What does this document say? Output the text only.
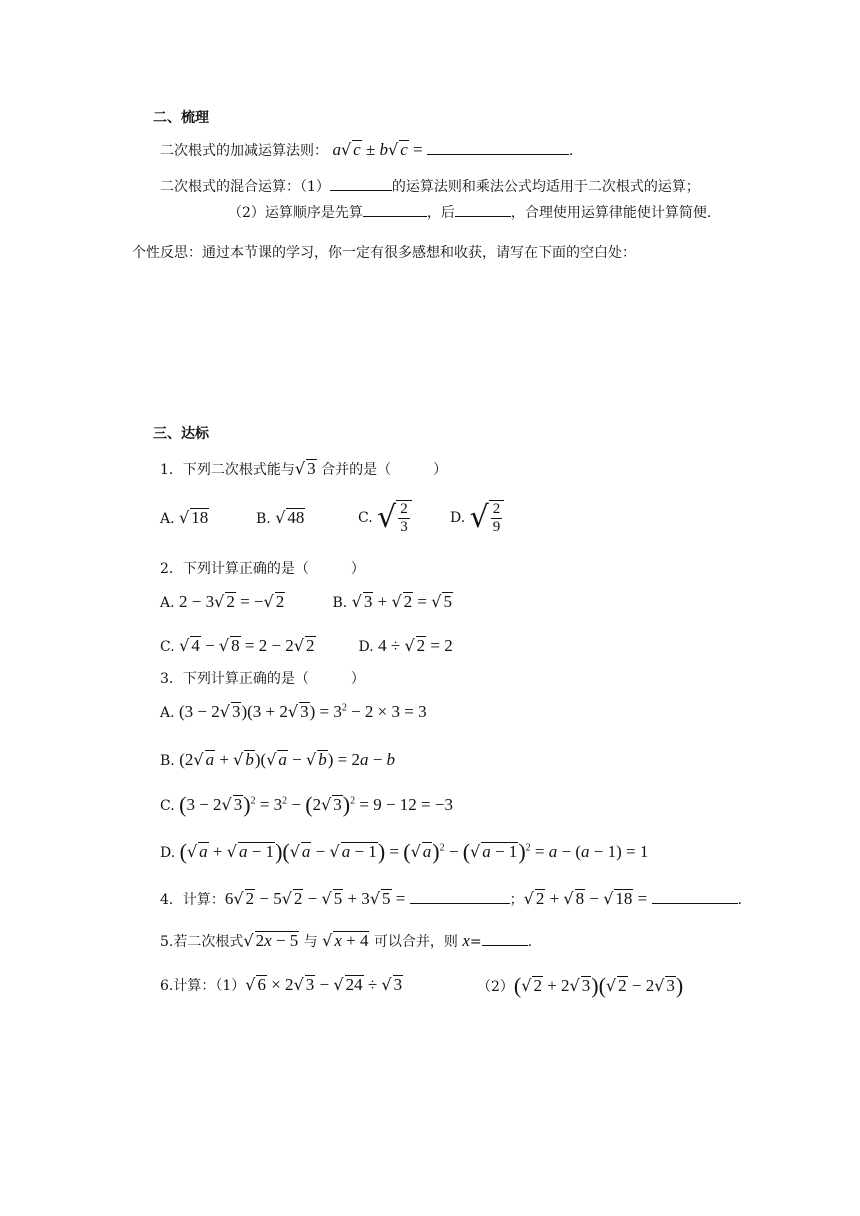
二、梳理
二次根式的加减运算法则： a√ c ± b√ c =	.
二次根式的混合运算：（1）	的运算法则和乘法公式均适用于二次根式的运算；
（2）运算顺序是先算	，后	，合理使用运算律能使计算简便.
个性反思：通过本节课的学习，你一定有很多感想和收获，请写在下面的空白处：
三、达标
1．下列二次根式能与√ 3 合并的是（　　　）
A. √ 18	B. √ 48	C. √ $\frac{2}{3}$	D. √ $\frac{2}{9}$
2．下列计算正确的是（　　　）
A. 2 − 3√ 2 = −√ 2	B. √ 3 + √ 2 = √ 5
C. √ 4 − √ 8 = 2 − 2√ 2	D. 4 ÷ √ 2 = 2
3．下列计算正确的是（　　　）
A. (3 − 2√ 3)(3 + 2√ $3) = 3^2 - 2 \times 3 = 3$
B. (2√ a + √ b)(√ a − √ b) = 2a − b
C. (3 − 2√ $3)^2 = 3^2 - (2√$ 3)$^2$ = 9 − 12 = −3
D. (√ a + √ a − 1)(√ a − √ a − 1) = (√ a)$^2$ − (√ a − 1)$^2$ = a − (a − 1) = 1
4．计算：6√ 2 − 5√ 2 − √ 5 + 3√ 5 =	；√ 2 + √ 8 − √ 18 =	.
5.若二次根式√ 2x − 5 与 √ x + 4 可以合并，则 x=	.
6.计算：（1）√ 6 × 2√ 3 − √ 24 ÷ √ 3	（2）(√ 2 + 2√ 3)(√ 2 − 2√ 3)
